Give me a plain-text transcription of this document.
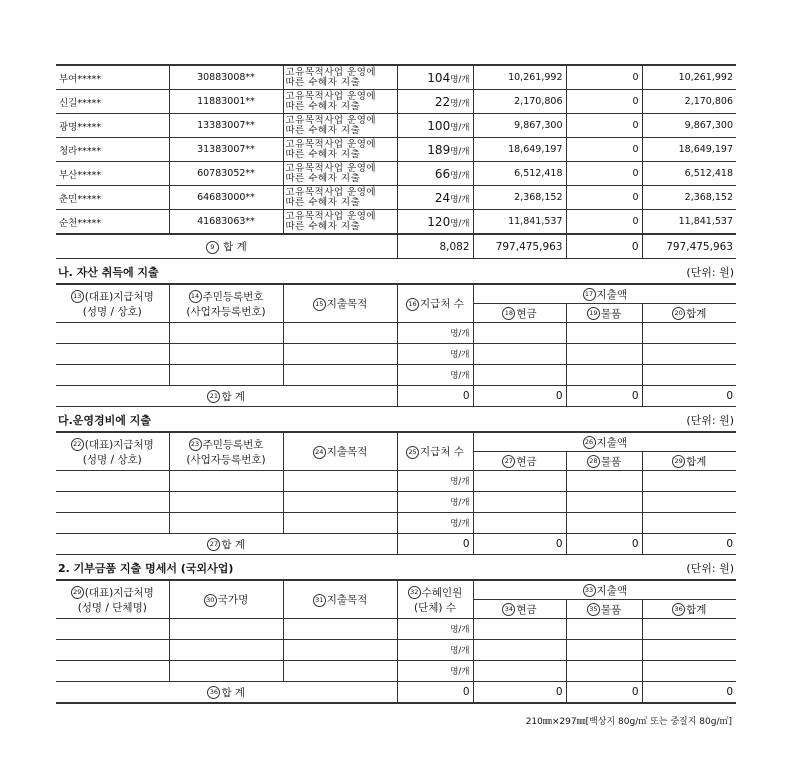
부여*****	30883008**	고유목적사업 운영에
따른 수혜자 지출	104명/개	10,261,992	0	10,261,992
신길*****	11883001**	고유목적사업 운영에
따른 수혜자 지출	22명/개	2,170,806	0	2,170,806
광명*****	13383007**	고유목적사업 운영에
따른 수혜자 지출	100명/개	9,867,300	0	9,867,300
청라*****	31383007**	고유목적사업 운영에
따른 수혜자 지출	189명/개	18,649,197	0	18,649,197
부산*****	60783052**	고유목적사업 운영에
따른 수혜자 지출	66명/개	6,512,418	0	6,512,418
춘민*****	64683000**	고유목적사업 운영에
따른 수혜자 지출	24명/개	2,368,152	0	2,368,152
순천*****	41683063**	고유목적사업 운영에
따른 수혜자 지출	120명/개	11,841,537	0	11,841,537
9 합 계			8,082	797,475,963	0	797,475,963
나. 자산 취득에 지출	(단위: 원)
13 (대표)지급처명
(성명 / 상호)	14 주민등록번호
(사업자등록번호)	15 지출목적	16 지급처 수	17 지출액		
				18 현금	19 물품	20 합계
			명/개			
			명/개			
			명/개			
21 합 계			0	0	0	0
다.운영경비에 지출	(단위: 원)
22 (대표)지급처명
(성명 / 상호)	23 주민등록번호
(사업자등록번호)	24 지출목적	25 지급처 수	26 지출액		
				27 현금	28 물품	29 합계
			명/개			
			명/개			
			명/개			
27 합 계			0	0	0	0
2. 기부금품 지출 명세서 (국외사업)	(단위: 원)
29 (대표)지급처명
(성명 / 단체명)	30 국가명	31 지출목적	32 수혜인원
(단체) 수	33 지출액		
				34 현금	35 물품	36 합계
			명/개			
			명/개			
			명/개			
36 합 계			0	0	0	0
210㎜×297㎜[백상지 80g/㎡ 또는 중질지 80g/㎡]
